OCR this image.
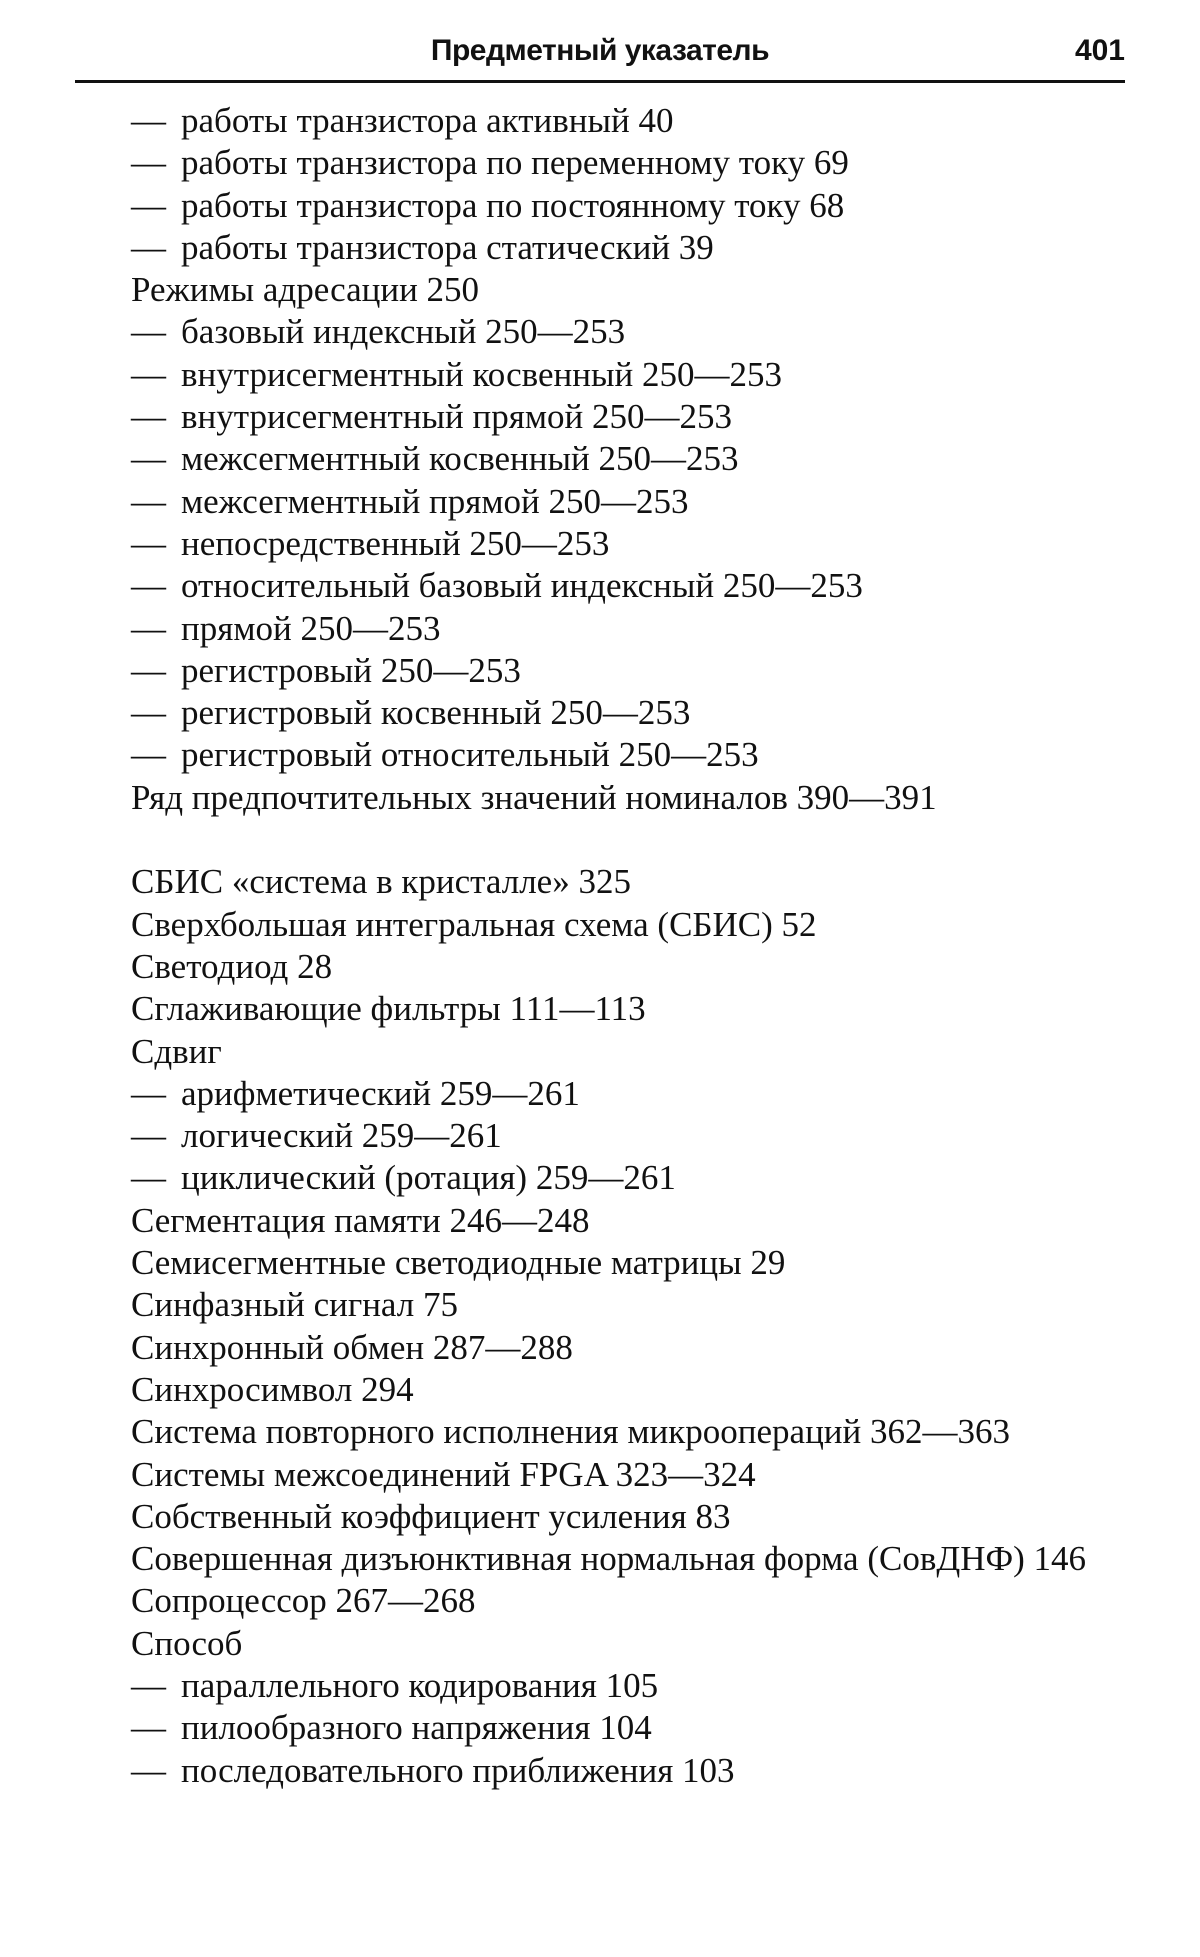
Предметный указатель	401
— работы транзистора активный 40
— работы транзистора по переменному току 69
— работы транзистора по постоянному току 68
— работы транзистора статический 39
Режимы адресации 250
— базовый индексный 250—253
— внутрисегментный косвенный 250—253
— внутрисегментный прямой 250—253
— межсегментный косвенный 250—253
— межсегментный прямой 250—253
— непосредственный 250—253
— относительный базовый индексный 250—253
— прямой 250—253
— регистровый 250—253
— регистровый косвенный 250—253
— регистровый относительный 250—253
Ряд предпочтительных значений номиналов 390—391
СБИС «система в кристалле» 325
Сверхбольшая интегральная схема (СБИС) 52
Светодиод 28
Сглаживающие фильтры 111—113
Сдвиг
— арифметический 259—261
— логический 259—261
— циклический (ротация) 259—261
Сегментация памяти 246—248
Семисегментные светодиодные матрицы 29
Синфазный сигнал 75
Синхронный обмен 287—288
Синхросимвол 294
Система повторного исполнения микроопераций 362—363
Системы межсоединений FPGA 323—324
Собственный коэффициент усиления 83
Совершенная дизъюнктивная нормальная форма (СовДНФ) 146
Сопроцессор 267—268
Способ
— параллельного кодирования 105
— пилообразного напряжения 104
— последовательного приближения 103
